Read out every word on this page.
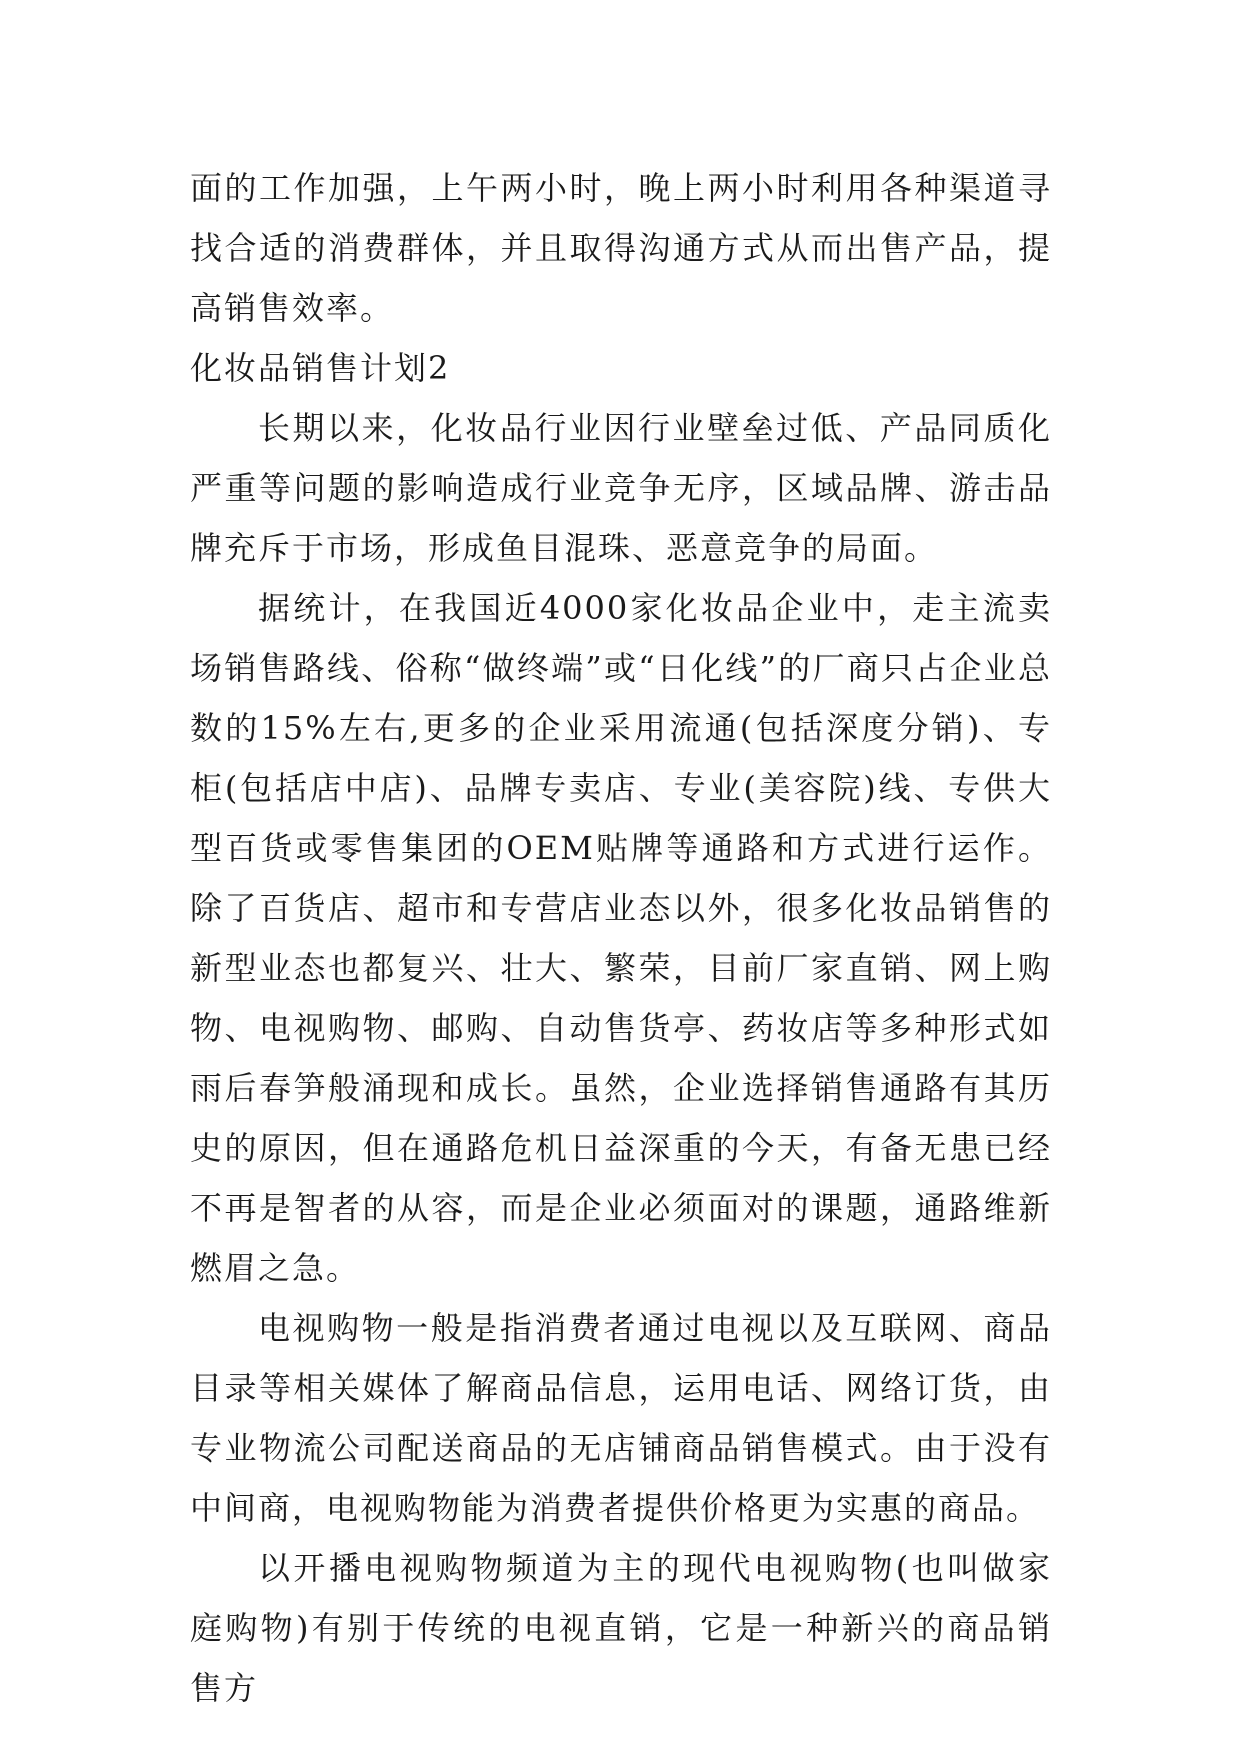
面的工作加强，上午两小时，晚上两小时利用各种渠道寻找合适的消费群体，并且取得沟通方式从而出售产品，提高销售效率。

化妆品销售计划2

长期以来，化妆品行业因行业壁垒过低、产品同质化严重等问题的影响造成行业竞争无序，区域品牌、游击品牌充斥于市场，形成鱼目混珠、恶意竞争的局面。

据统计，在我国近4000家化妆品企业中，走主流卖场销售路线、俗称“做终端”或“日化线”的厂商只占企业总数的15%左右,更多的企业采用流通(包括深度分销)、专柜(包括店中店)、品牌专卖店、专业(美容院)线、专供大型百货或零售集团的OEM贴牌等通路和方式进行运作。除了百货店、超市和专营店业态以外，很多化妆品销售的新型业态也都复兴、壮大、繁荣，目前厂家直销、网上购物、电视购物、邮购、自动售货亭、药妆店等多种形式如雨后春笋般涌现和成长。虽然，企业选择销售通路有其历史的原因，但在通路危机日益深重的今天，有备无患已经不再是智者的从容，而是企业必须面对的课题，通路维新燃眉之急。

电视购物一般是指消费者通过电视以及互联网、商品目录等相关媒体了解商品信息，运用电话、网络订货，由专业物流公司配送商品的无店铺商品销售模式。由于没有中间商，电视购物能为消费者提供价格更为实惠的商品。

以开播电视购物频道为主的现代电视购物(也叫做家庭购物)有别于传统的电视直销，它是一种新兴的商品销售方
